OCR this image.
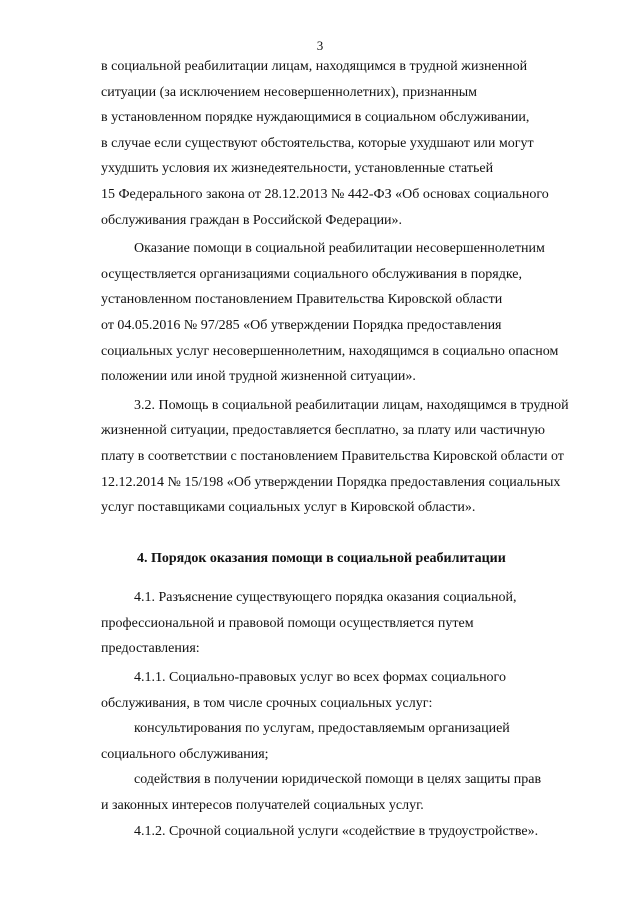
3

в социальной реабилитации лицам, находящимся в трудной жизненной
ситуации (за исключением несовершеннолетних), признанным
в установленном порядке нуждающимися в социальном обслуживании,
в случае если существуют обстоятельства, которые ухудшают или могут
ухудшить условия их жизнедеятельности, установленные статьей
15 Федерального закона от 28.12.2013 № 442-ФЗ «Об основах социального
обслуживания граждан в Российской Федерации».

Оказание помощи в социальной реабилитации несовершеннолетним
осуществляется организациями социального обслуживания в порядке,
установленном постановлением Правительства Кировской области
от 04.05.2016 № 97/285 «Об утверждении Порядка предоставления
социальных услуг несовершеннолетним, находящимся в социально опасном
положении или иной трудной жизненной ситуации».

3.2. Помощь в социальной реабилитации лицам, находящимся в трудной
жизненной ситуации, предоставляется бесплатно, за плату или частичную
плату в соответствии с постановлением Правительства Кировской области от
12.12.2014 № 15/198 «Об утверждении Порядка предоставления социальных
услуг поставщиками социальных услуг в Кировской области».

4. Порядок оказания помощи в социальной реабилитации

4.1. Разъяснение существующего порядка оказания социальной,
профессиональной и правовой помощи осуществляется путем
предоставления:

4.1.1. Социально-правовых услуг во всех формах социального
обслуживания, в том числе срочных социальных услуг:

консультирования по услугам, предоставляемым организацией
социального обслуживания;

содействия в получении юридической помощи в целях защиты прав
и законных интересов получателей социальных услуг.

4.1.2. Срочной социальной услуги «содействие в трудоустройстве».
